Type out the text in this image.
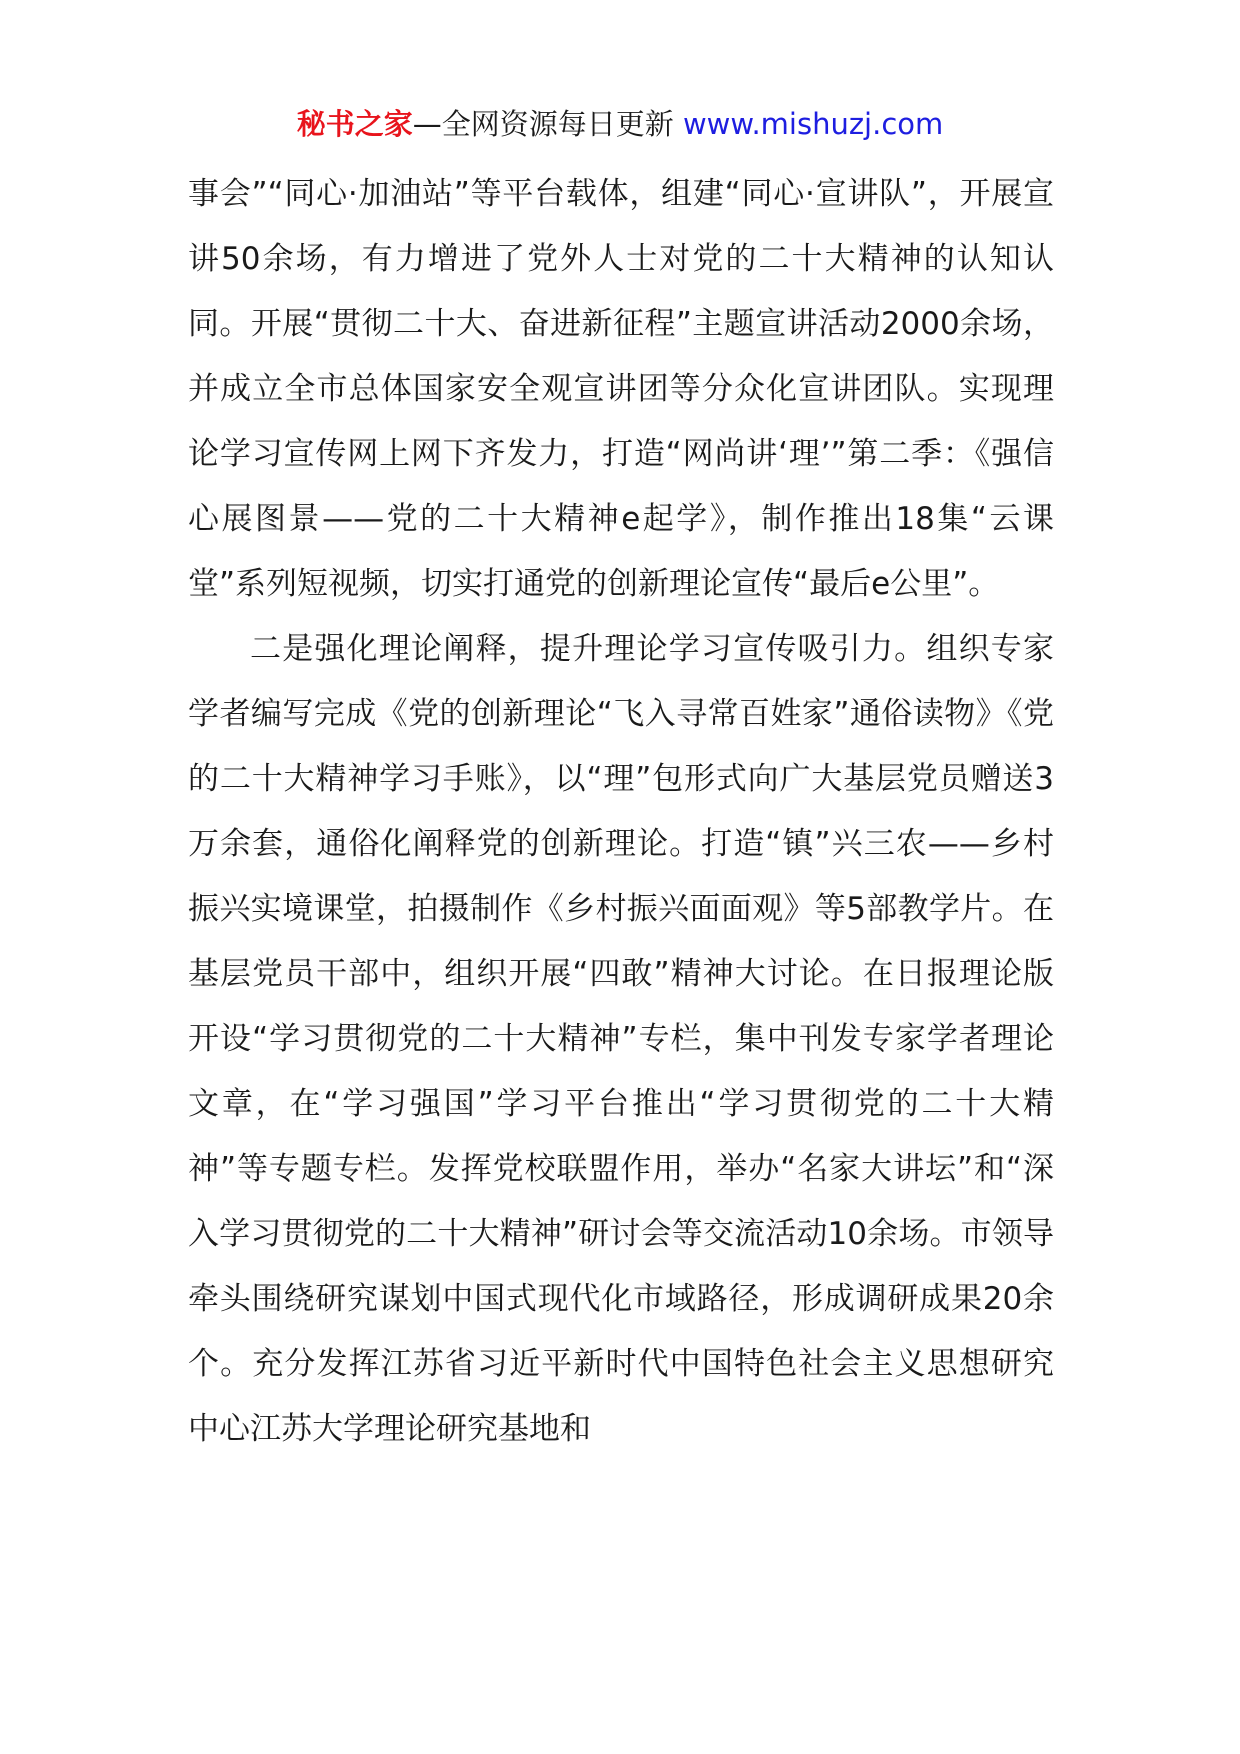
秘书之家—全网资源每日更新 www.mishuzj.com

事会”“同心·加油站”等平台载体，组建“同心·宣讲队”，开展宣讲50余场，有力增进了党外人士对党的二十大精神的认知认同。开展“贯彻二十大、奋进新征程”主题宣讲活动2000余场，并成立全市总体国家安全观宣讲团等分众化宣讲团队。实现理论学习宣传网上网下齐发力，打造“网尚讲‘理’”第二季：《强信心展图景——党的二十大精神e起学》，制作推出18集“云课堂”系列短视频，切实打通党的创新理论宣传“最后e公里”。

二是强化理论阐释，提升理论学习宣传吸引力。组织专家学者编写完成《党的创新理论“飞入寻常百姓家”通俗读物》《党的二十大精神学习手账》，以“理”包形式向广大基层党员赠送3万余套，通俗化阐释党的创新理论。打造“镇”兴三农——乡村振兴实境课堂，拍摄制作《乡村振兴面面观》等5部教学片。在基层党员干部中，组织开展“四敢”精神大讨论。在日报理论版开设“学习贯彻党的二十大精神”专栏，集中刊发专家学者理论文章，在“学习强国”学习平台推出“学习贯彻党的二十大精神”等专题专栏。发挥党校联盟作用，举办“名家大讲坛”和“深入学习贯彻党的二十大精神”研讨会等交流活动10余场。市领导牵头围绕研究谋划中国式现代化市域路径，形成调研成果20余个。充分发挥江苏省习近平新时代中国特色社会主义思想研究中心江苏大学理论研究基地和
